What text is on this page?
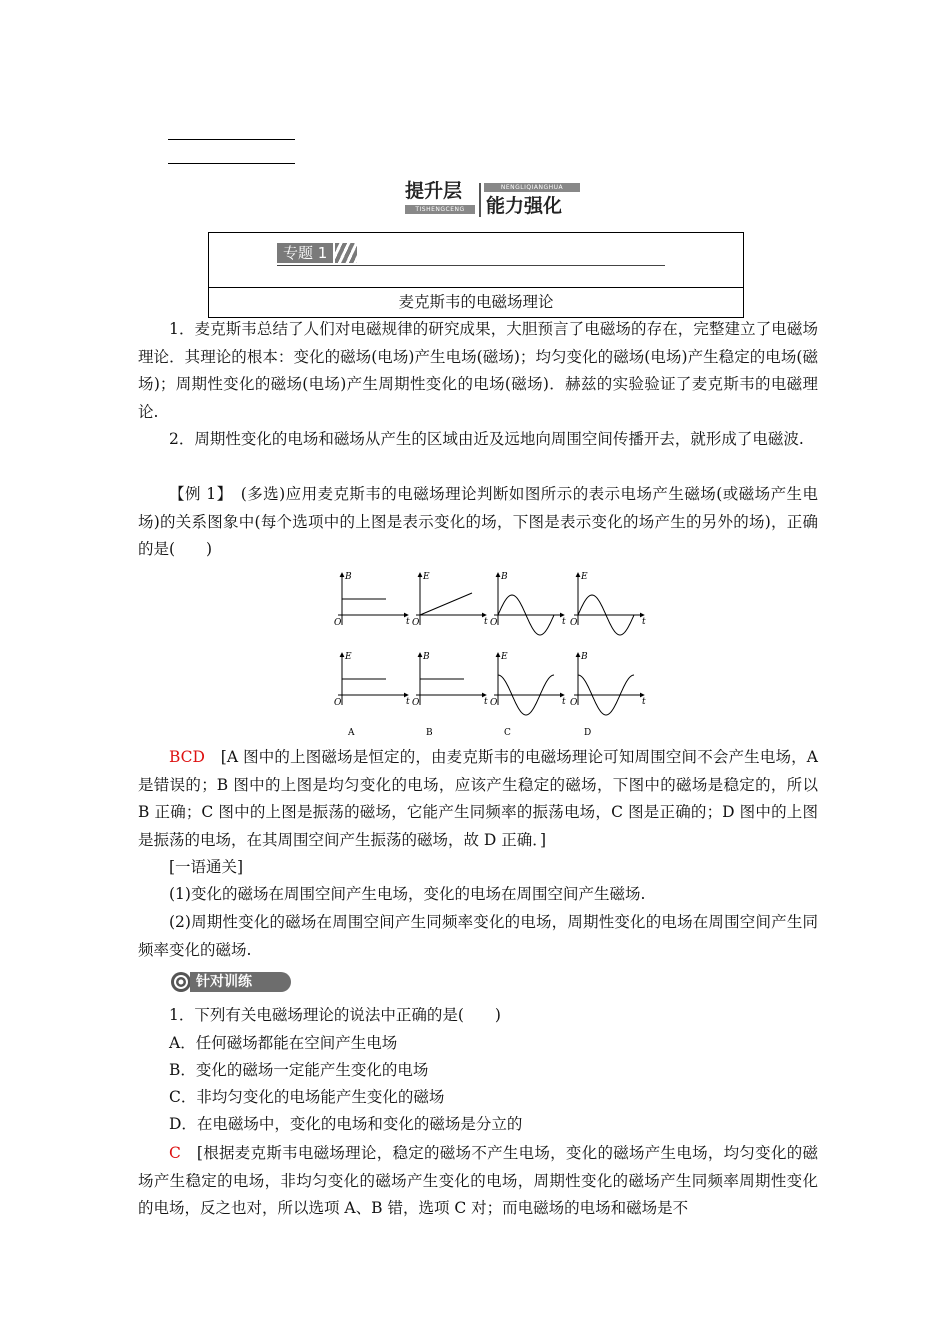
提升层
TISHENGCENG
NENGLIQIANGHUA
能力强化
专题 1
麦克斯韦的电磁场理论
1．麦克斯韦总结了人们对电磁规律的研究成果，大胆预言了电磁场的存在，完整建立了电磁场理论．其理论的根本：变化的磁场(电场)产生电场(磁场)；均匀变化的磁场(电场)产生稳定的电场(磁场)；周期性变化的磁场(电场)产生周期性变化的电场(磁场)．赫兹的实验验证了麦克斯韦的电磁理论.
2．周期性变化的电场和磁场从产生的区域由近及远地向周围空间传播开去，就形成了电磁波.
【例 1】　 (多选)应用麦克斯韦的电磁场理论判断如图所示的表示电场产生磁场(或磁场产生电场)的关系图象中(每个选项中的上图是表示变化的场，下图是表示变化的场产生的另外的场)，正确的是(　　)
B
t
O
E
t
O
A
E
t
O
B
t
O
B
B
t
O
E
t
O
C
E
t
O
B
t
O
D
BCD　 [A 图中的上图磁场是恒定的，由麦克斯韦的电磁场理论可知周围空间不会产生电场，A 是错误的；B 图中的上图是均匀变化的电场，应该产生稳定的磁场，下图中的磁场是稳定的，所以 B 正确；C 图中的上图是振荡的磁场，它能产生同频率的振荡电场，C 图是正确的；D 图中的上图是振荡的电场，在其周围空间产生振荡的磁场，故 D 正确．]
[一语通关]
(1)变化的磁场在周围空间产生电场，变化的电场在周围空间产生磁场.
(2)周期性变化的磁场在周围空间产生同频率变化的电场，周期性变化的电场在周围空间产生同频率变化的磁场.
针对训练
1．下列有关电磁场理论的说法中正确的是(　　)
A．任何磁场都能在空间产生电场
B．变化的磁场一定能产生变化的电场
C．非均匀变化的电场能产生变化的磁场
D．在电磁场中，变化的电场和变化的磁场是分立的
C　 [根据麦克斯韦电磁场理论，稳定的磁场不产生电场，变化的磁场产生电场，均匀变化的磁场产生稳定的电场，非均匀变化的磁场产生变化的电场，周期性变化的磁场产生同频率周期性变化的电场，反之也对，所以选项 A、B 错，选项 C 对；而电磁场的电场和磁场是不
